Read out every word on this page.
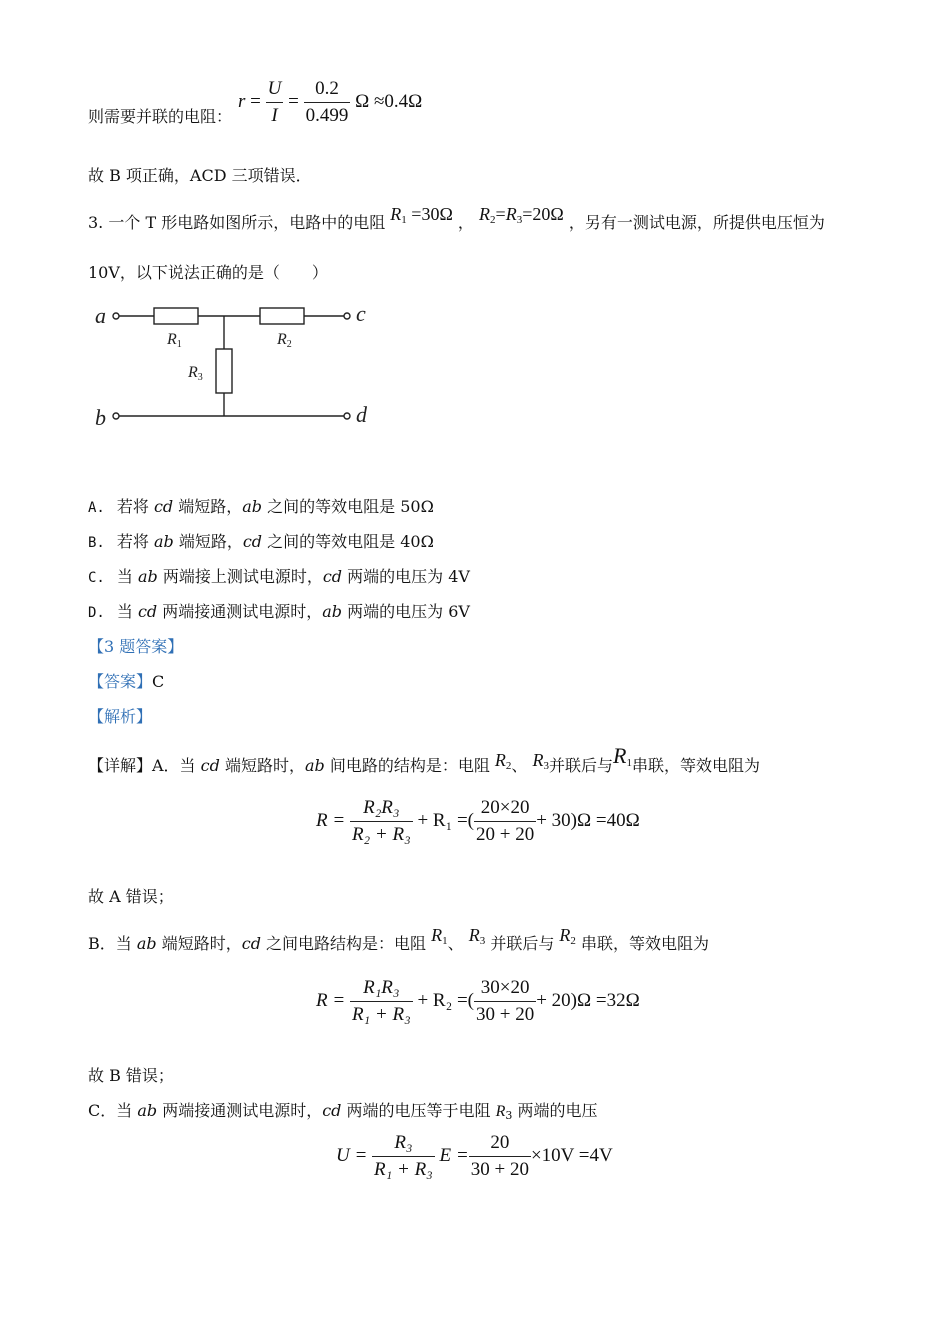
则需要并联的电阻：
$r = \frac{U}{I} = \frac{0.2}{0.499}$ Ω ≈0.4Ω
故 B 项正确，ACD 三项错误．
3. 一个 T 形电路如图所示，电路中的电阻 $R_1 =30\Omega$ ， $R_2=R_3=20\Omega$ ，另有一测试电源，所提供电压恒为
10V，以下说法正确的是（　　）
a
b
c
d
R1	R2
R3
A. 若将 cd 端短路，ab 之间的等效电阻是 50Ω
B. 若将 ab 端短路，cd 之间的等效电阻是 40Ω
C. 当 ab 两端接上测试电源时，cd 两端的电压为 4V
D. 当 cd 两端接通测试电源时，ab 两端的电压为 6V
【3 题答案】
【答案】C
【解析】
【详解】A．当 cd 端短路时，ab 间电路的结构是：电阻 $R_2$、 $R_3$并联后与$R_1$串联，等效电阻为
$R = \frac{\text{R₂R₃}}{\text{R₂ + R₃}} + R_1$ =( $\frac{20\times 20}{20 + 20} + 30)\Omega =40\Omega$
故 A 错误；
B．当 ab 端短路时，cd 之间电路结构是：电阻 $R_1$、 $R_3$ 并联后与 $R_2$ 串联，等效电阻为
$R = \frac{\text{R₁R₃}}{\text{R₁ + R₃}} + R_2$ =( $\frac{30\times 20}{30 + 20} + 20)\Omega =32\Omega$
故 B 错误；
C．当 ab 两端接通测试电源时，cd 两端的电压等于电阻 $R_3$ 两端的电压
$U = \frac{\text{R₃}}{\text{R₁ + R₃}}$ $E = \frac{20}{30 + 20} \times 10V =4V$
